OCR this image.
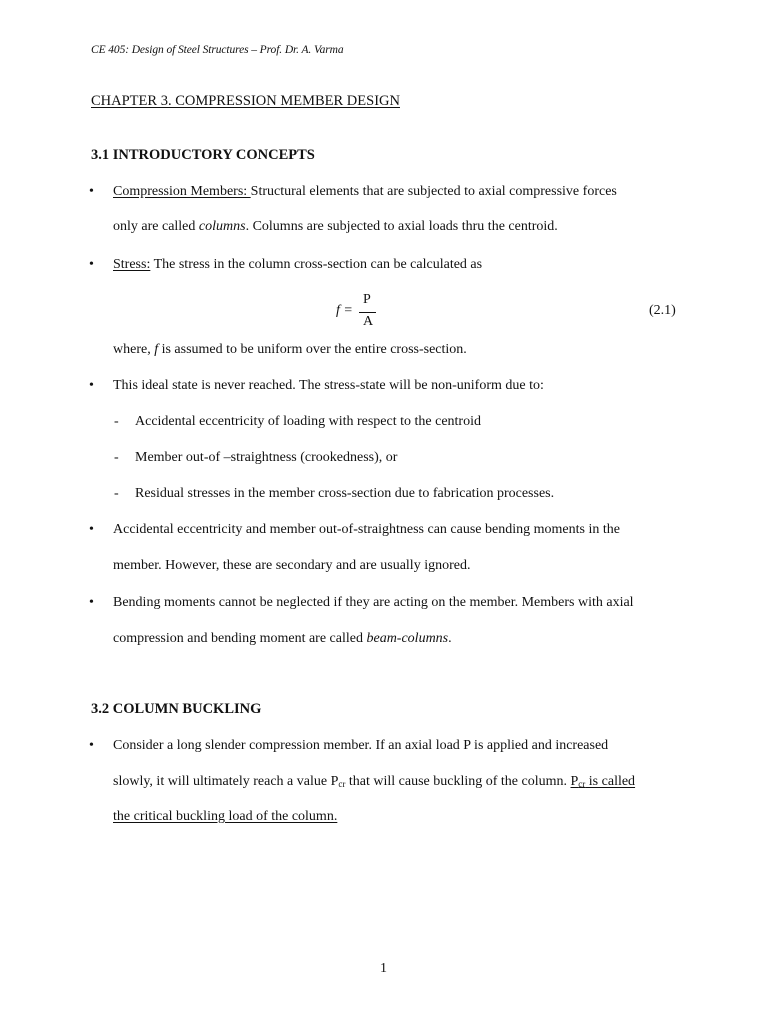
CE 405: Design of Steel Structures – Prof. Dr. A. Varma
CHAPTER 3. COMPRESSION MEMBER DESIGN
3.1 INTRODUCTORY CONCEPTS
• Compression Members: Structural elements that are subjected to axial compressive forces
only are called columns. Columns are subjected to axial loads thru the centroid.
• Stress: The stress in the column cross-section can be calculated as
f =
P
A
(2.1)
where, f is assumed to be uniform over the entire cross-section.
• This ideal state is never reached. The stress-state will be non-uniform due to:
- Accidental eccentricity of loading with respect to the centroid
- Member out-of –straightness (crookedness), or
- Residual stresses in the member cross-section due to fabrication processes.
• Accidental eccentricity and member out-of-straightness can cause bending moments in the
member. However, these are secondary and are usually ignored.
• Bending moments cannot be neglected if they are acting on the member. Members with axial
compression and bending moment are called beam-columns.
3.2 COLUMN BUCKLING
• Consider a long slender compression member. If an axial load P is applied and increased
slowly, it will ultimately reach a value $P_{cr}$ that will cause buckling of the column. $P_{cr}$ is called
the critical buckling load of the column.
1
